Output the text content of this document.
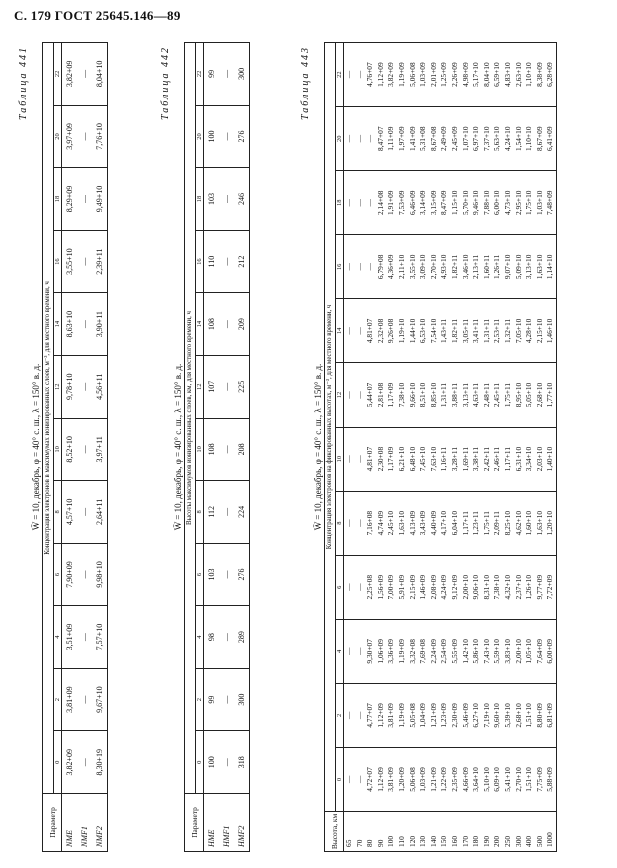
С. 179 ГОСТ 25645.146—89
Таблица 441
W̄ = 10, декабрь, φ = 40° с. ш., λ = 150° в. д.
Параметр	Концентрация электронов в максимумах ионизированных слоев, м⁻³, для местного времени, ч											
	0	2	4	6	8	10	12	14	16	18	20	22
NME	3,82+09	3,81+09	3,51+09	7,90+09	4,57+10	8,52+10	9,78+10	8,63+10	3,55+10	8,29+09	3,97+09	3,82+09
NMF1	—	—	—	—	—	—	—	—	—	—	—	—
NMF2	8,30+19	9,67+10	7,57+10	9,98+10	2,64+11	3,97+11	4,56+11	3,90+11	2,39+11	9,49+10	7,76+10	8,04+10	Таблица 442
W̄ = 10, декабрь, φ = 40° с. ш., λ = 150° в. д.
Параметр	Высоты максимумов ионизированных слоев, км, для местного времени, ч											
	0	2	4	6	8	10	12	14	16	18	20	22
HME	100	99	98	103	112	108	107	108	110	103	100	99
HMF1	—	—	—	—	—	—	—	—	—	—	—	—
HMF2	318	300	289	276	224	208	225	209	212	246	276	300	Таблица 443
W̄ = 10, декабрь, φ = 40° с. ш., λ = 150° в. д.
Высота, км	Концентрация электронов на фиксированных высотах, м⁻³, для местного времени, ч											
	0	2	4	6	8	10	12	14	16	18	20	22
65	—	—	—	—	—	—	—	—	—	—	—	—
70	—	—	—	—	—	—	—	—	—	—	—	—
80	4,72+07	4,77+07	9,30+07	2,25+08	7,16+08	4,81+07	5,44+07	4,81+07	—	—	—	4,76+07
90	1,12+09	1,12+09	1,06+09	1,56+09	4,74+09	2,30+08	2,81+08	2,32+08	6,79+08	2,14+08	8,47+07	1,12+09
100	3,81+09	3,81+09	3,36+09	7,00+09	2,45+10	1,17+09	1,17+09	9,26+08	4,36+09	1,91+09	1,11+09	3,82+09
110	1,20+09	1,19+09	1,19+09	5,91+09	1,63+10	6,21+10	7,38+10	1,19+10	2,11+10	7,53+09	1,97+09	1,19+09
120	5,06+08	5,05+08	3,32+08	2,15+09	4,13+09	6,48+10	9,66+10	1,44+10	3,55+10	6,46+09	1,41+09	5,06+08
130	1,03+09	1,04+09	7,69+08	1,46+09	3,43+09	7,45+10	8,51+10	6,53+10	3,09+10	3,14+09	5,31+08	1,03+09
140	1,21+09	1,21+09	2,24+09	2,08+09	4,40+09	7,63+10	8,85+10	7,54+10	2,70+10	3,15+09	8,67+08	2,01+09
150	1,22+09	1,23+09	2,54+09	4,24+09	4,17+10	1,16+11	1,31+11	1,43+11	4,93+10	8,47+09	2,49+09	1,25+09
160	2,35+09	2,30+09	5,55+09	9,12+09	6,04+10	3,28+11	3,88+11	1,82+11	1,82+11	1,15+10	2,45+09	2,26+09
170	4,66+09	5,46+09	1,42+10	2,00+10	1,17+11	1,69+11	3,13+11	3,05+11	3,46+10	5,70+10	1,07+10	4,98+09
180	3,64+10	6,27+10	5,86+10	9,06+10	1,23+11	3,38+11	4,63+11	3,41+11	2,13+11	9,46+10	6,97+10	5,17+10
190	5,10+10	7,19+10	7,43+10	8,31+10	1,75+11	2,42+11	2,48+11	1,31+11	1,60+11	7,88+10	7,37+10	8,04+10
200	6,09+10	9,60+10	5,59+10	7,38+10	2,09+11	2,46+11	2,45+11	2,53+11	1,26+11	6,00+10	5,63+10	6,59+10
250	5,41+10	5,39+10	3,83+10	4,32+10	8,25+10	1,17+11	1,75+11	1,32+11	9,07+10	4,73+10	4,24+10	4,83+10
300	2,70+10	2,68+10	2,00+10	2,37+10	4,62+10	6,31+10	8,95+10	7,05+10	5,09+10	2,95+10	1,54+10	2,63+10
400	1,51+10	1,51+10	1,05+10	1,26+10	1,60+10	3,34+10	5,05+10	4,28+10	3,13+10	1,75+10	1,10+10	1,10+10
500	7,75+09	8,80+09	7,64+09	9,77+09	1,63+10	2,03+10	2,68+10	2,15+10	1,63+10	1,03+10	8,67+09	8,38+09
1000	5,88+09	6,81+09	6,00+09	7,72+09	1,20+10	1,40+10	1,77+10	1,46+10	1,14+10	7,48+09	6,41+09	6,28+09
